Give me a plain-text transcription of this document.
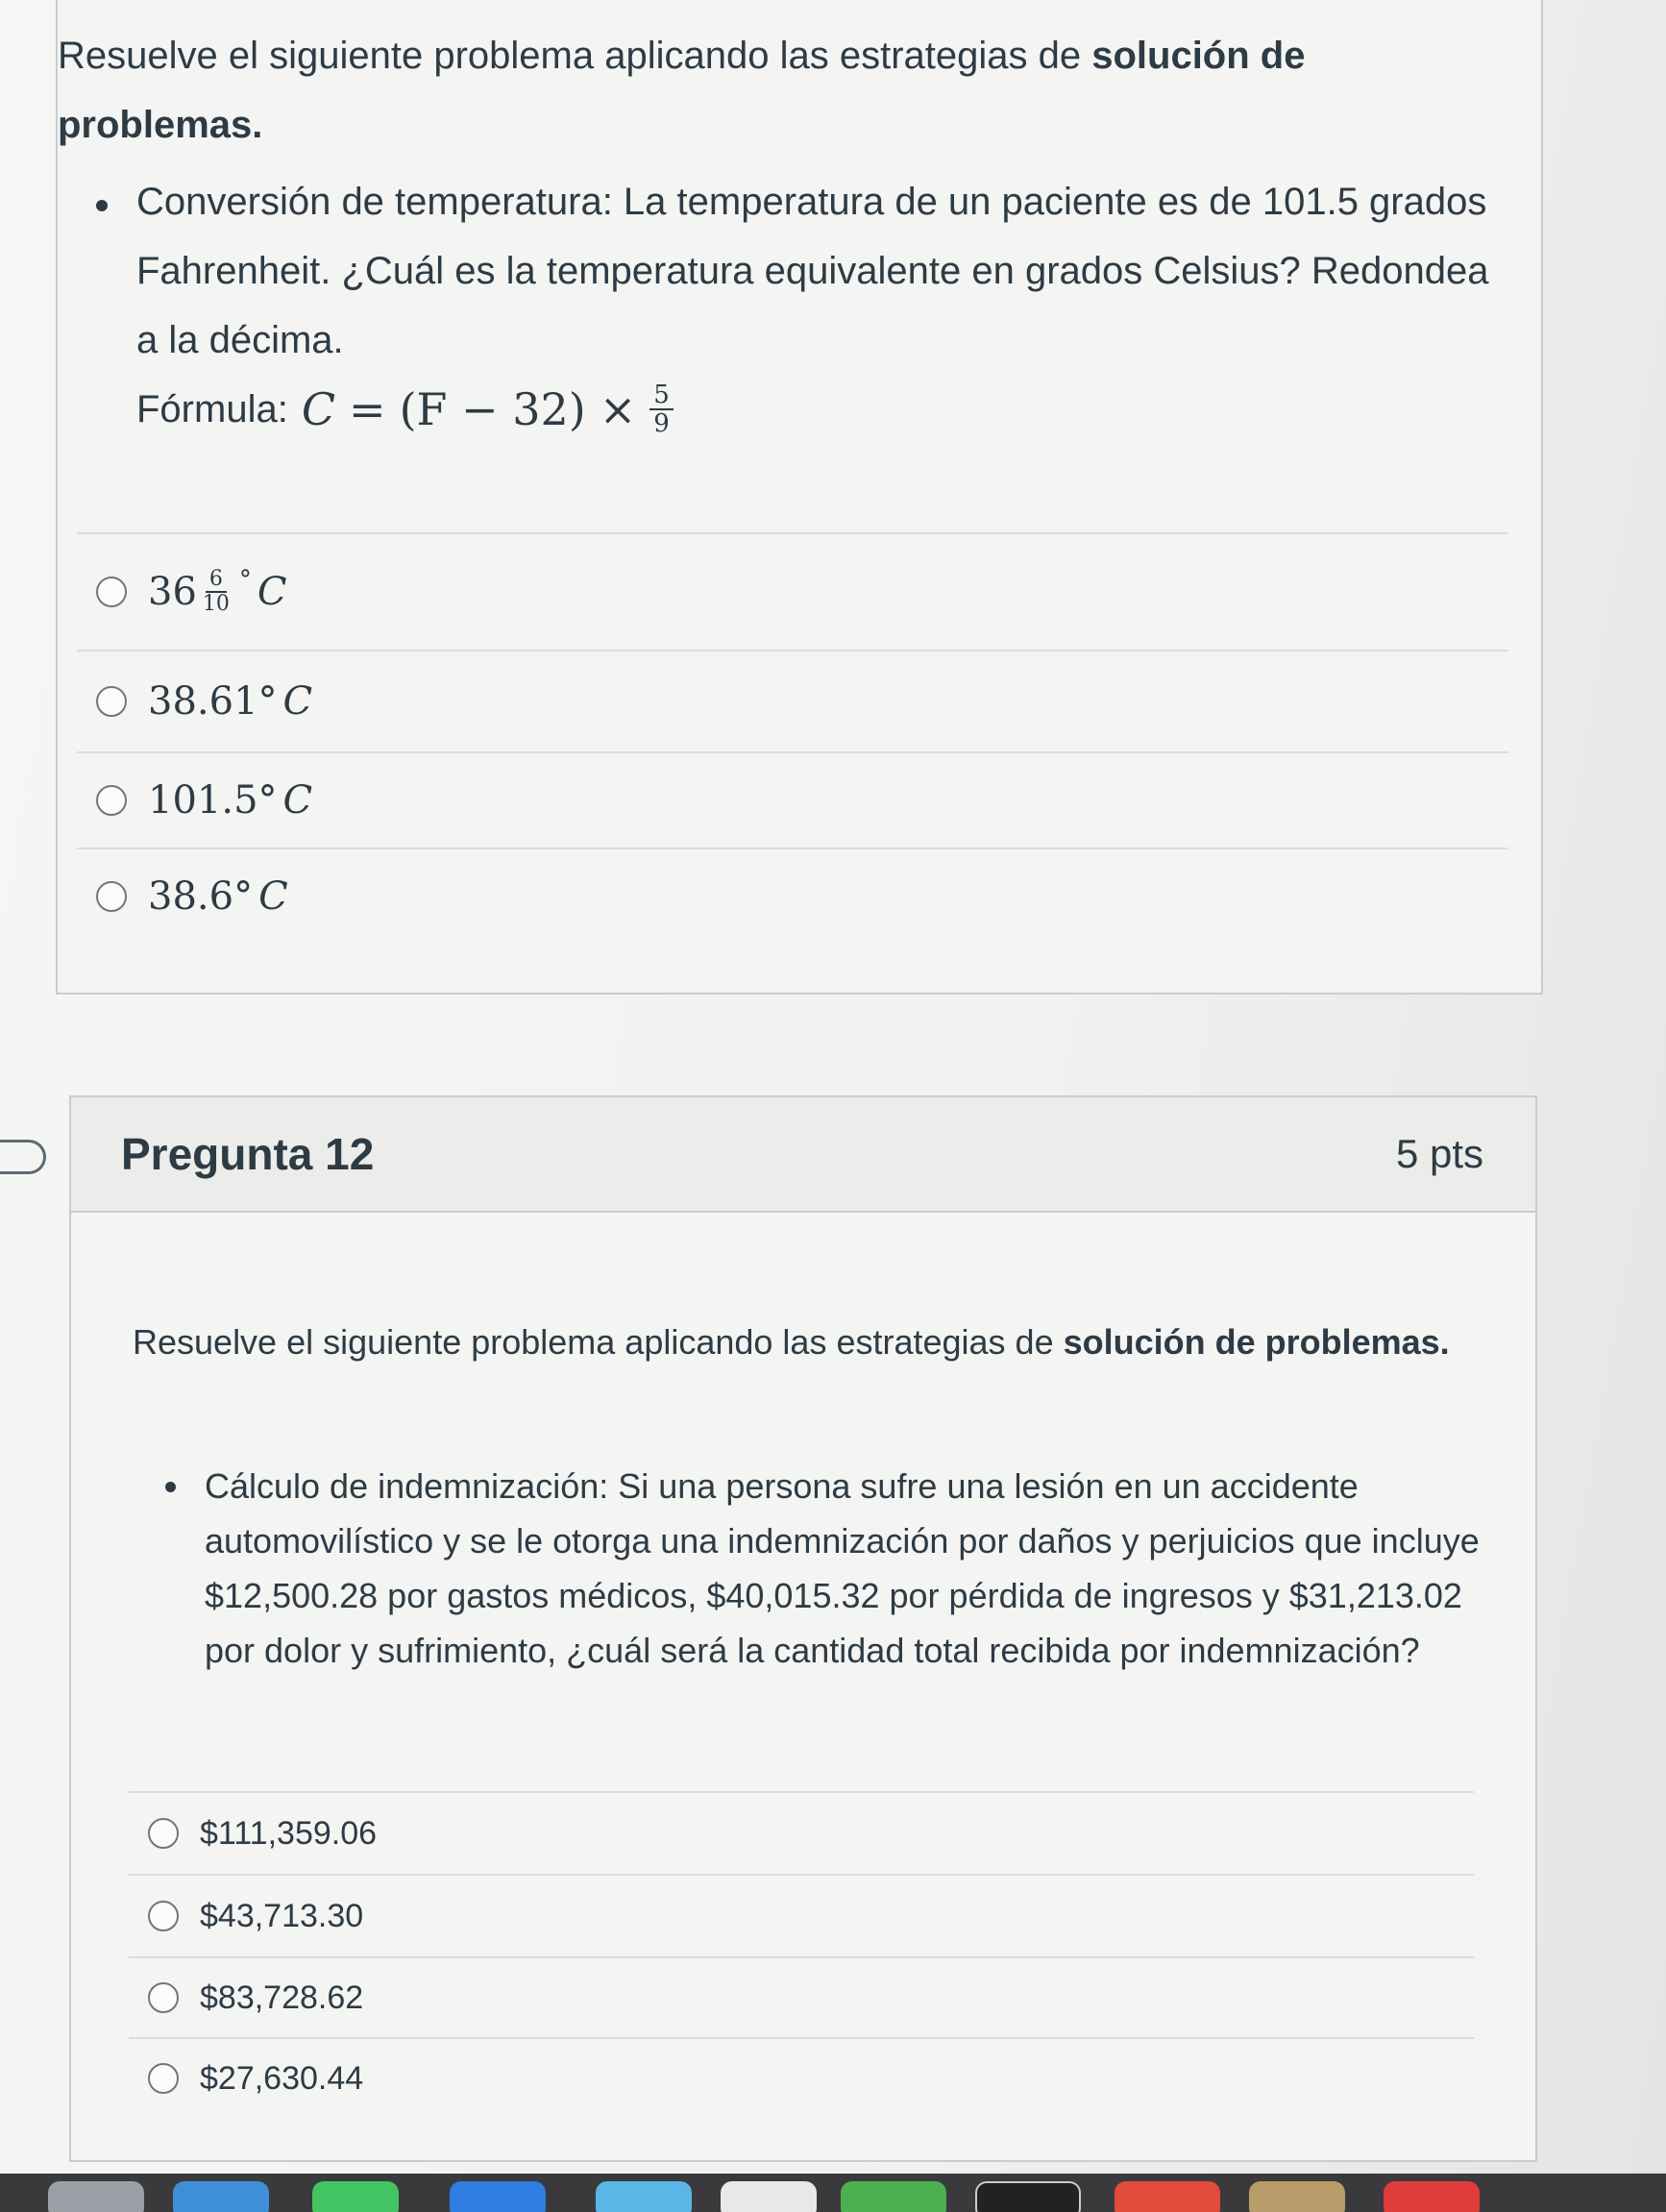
Resuelve el siguiente problema aplicando las estrategias de solución de problemas.
Conversión de temperatura: La temperatura de un paciente es de 101.5 grados Fahrenheit. ¿Cuál es la temperatura equivalente en grados Celsius? Redondea a la décima.
Fórmula: $C = (F - 32) \times \frac{5}{9}$
$36 \frac{6}{10}$ ° C
38.61 ° C
101.5 ° C
38.6 ° C
Pregunta 12	5 pts
Resuelve el siguiente problema aplicando las estrategias de solución de problemas.
Cálculo de indemnización: Si una persona sufre una lesión en un accidente automovilístico y se le otorga una indemnización por daños y perjuicios que incluye $12,500.28 por gastos médicos, $40,015.32 por pérdida de ingresos y $31,213.02 por dolor y sufrimiento, ¿cuál será la cantidad total recibida por indemnización?
$111,359.06
$43,713.30
$83,728.62
$27,630.44
